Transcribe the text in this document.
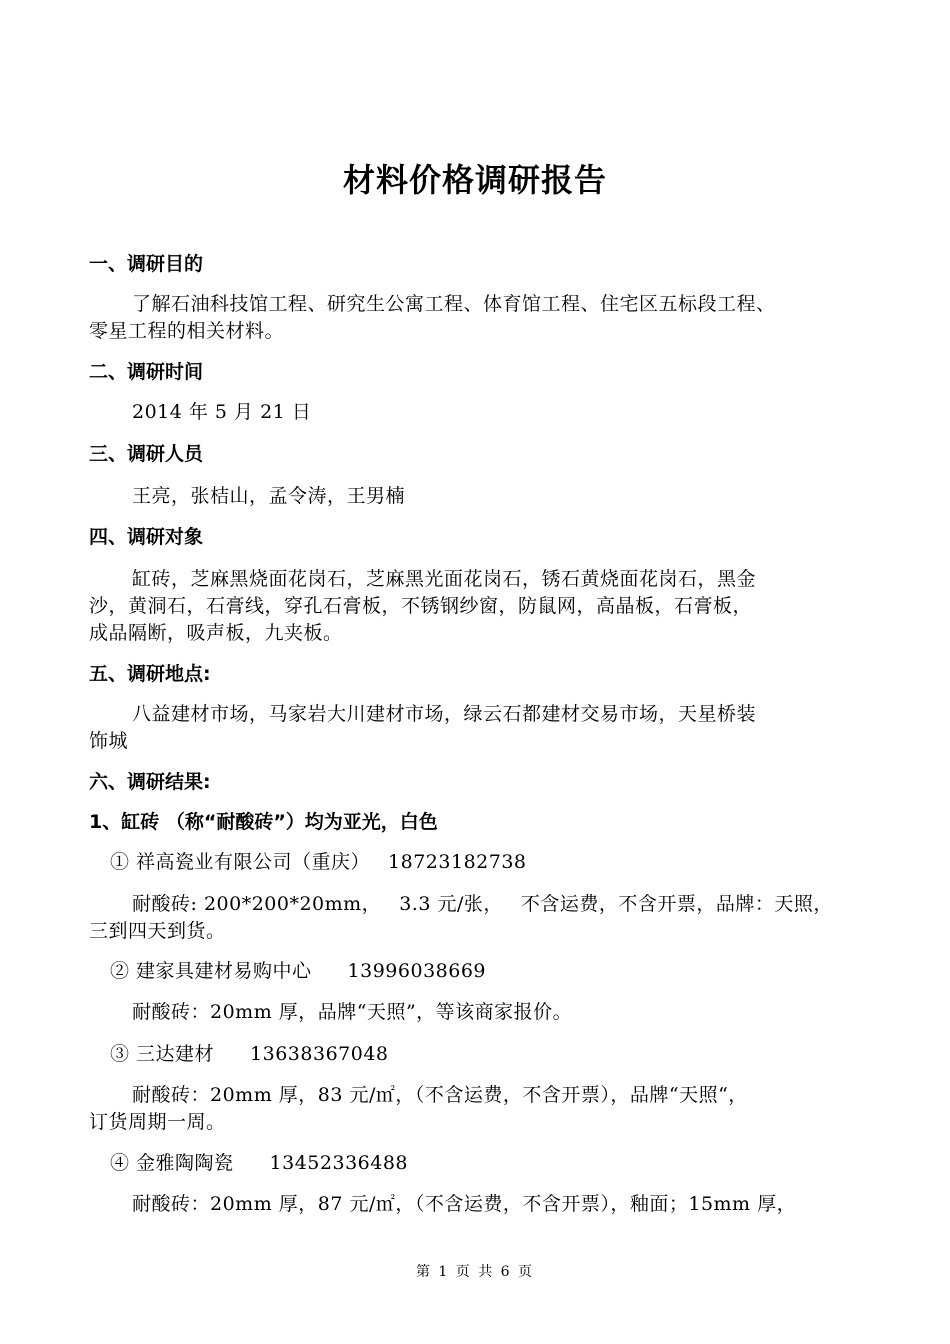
材料价格调研报告
一、调研目的
了解石油科技馆工程、研究生公寓工程、体育馆工程、住宅区五标段工程、
零星工程的相关材料。
二、调研时间
2014 年 5 月 21 日
三、调研人员
王亮，张桔山，孟令涛，王男楠
四、调研对象
缸砖，芝麻黑烧面花岗石，芝麻黑光面花岗石，锈石黄烧面花岗石，黑金
沙，黄洞石，石膏线，穿孔石膏板，不锈钢纱窗，防鼠网，高晶板，石膏板，
成品隔断，吸声板，九夹板。
五、调研地点:
八益建材市场，马家岩大川建材市场，绿云石都建材交易市场，天星桥装
饰城
六、调研结果:
1、缸砖 （称“耐酸砖”）均为亚光，白色
① 祥高瓷业有限公司（重庆） 18723182738
耐酸砖: 200*200*20mm， 3.3 元/张， 不含运费，不含开票，品牌：天照，
三到四天到货。
② 建家具建材易购中心 13996038669
耐酸砖：20mm 厚，品牌“天照”，等该商家报价。
③ 三达建材 13638367048
耐酸砖：20mm 厚，83 元/㎡，（不含运费，不含开票），品牌“天照“，
订货周期一周。
④ 金雅陶陶瓷 13452336488
耐酸砖：20mm 厚，87 元/㎡，（不含运费，不含开票），釉面；15mm 厚，
第 1 页 共 6 页
